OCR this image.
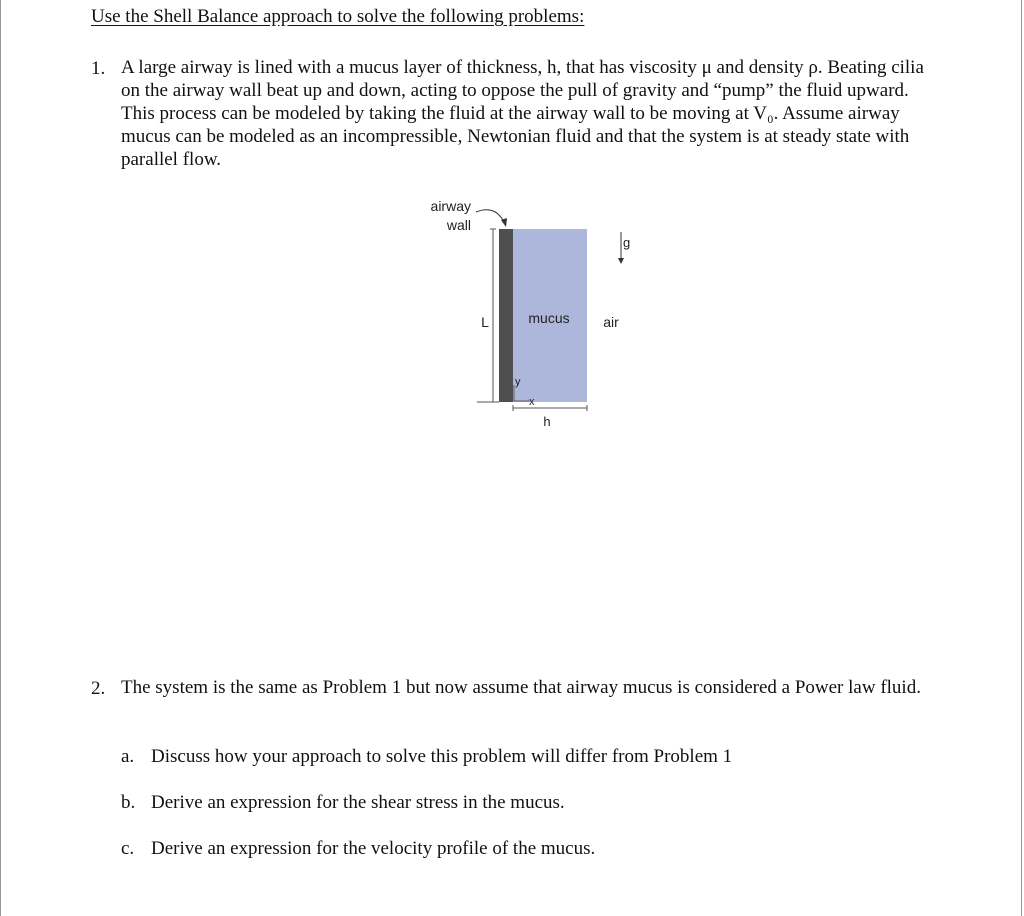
Use the Shell Balance approach to solve the following problems:
1. A large airway is lined with a mucus layer of thickness, h, that has viscosity μ and density ρ. Beating cilia on the airway wall beat up and down, acting to oppose the pull of gravity and “pump” the fluid upward. This process can be modeled by taking the fluid at the airway wall to be moving at V₀. Assume airway mucus can be modeled as an incompressible, Newtonian fluid and that the system is at steady state with parallel flow.
airway
wall
L	mucus air
g
y
x
h
2. The system is the same as Problem 1 but now assume that airway mucus is considered a Power law fluid.
a. Discuss how your approach to solve this problem will differ from Problem 1
b. Derive an expression for the shear stress in the mucus.
c. Derive an expression for the velocity profile of the mucus.
